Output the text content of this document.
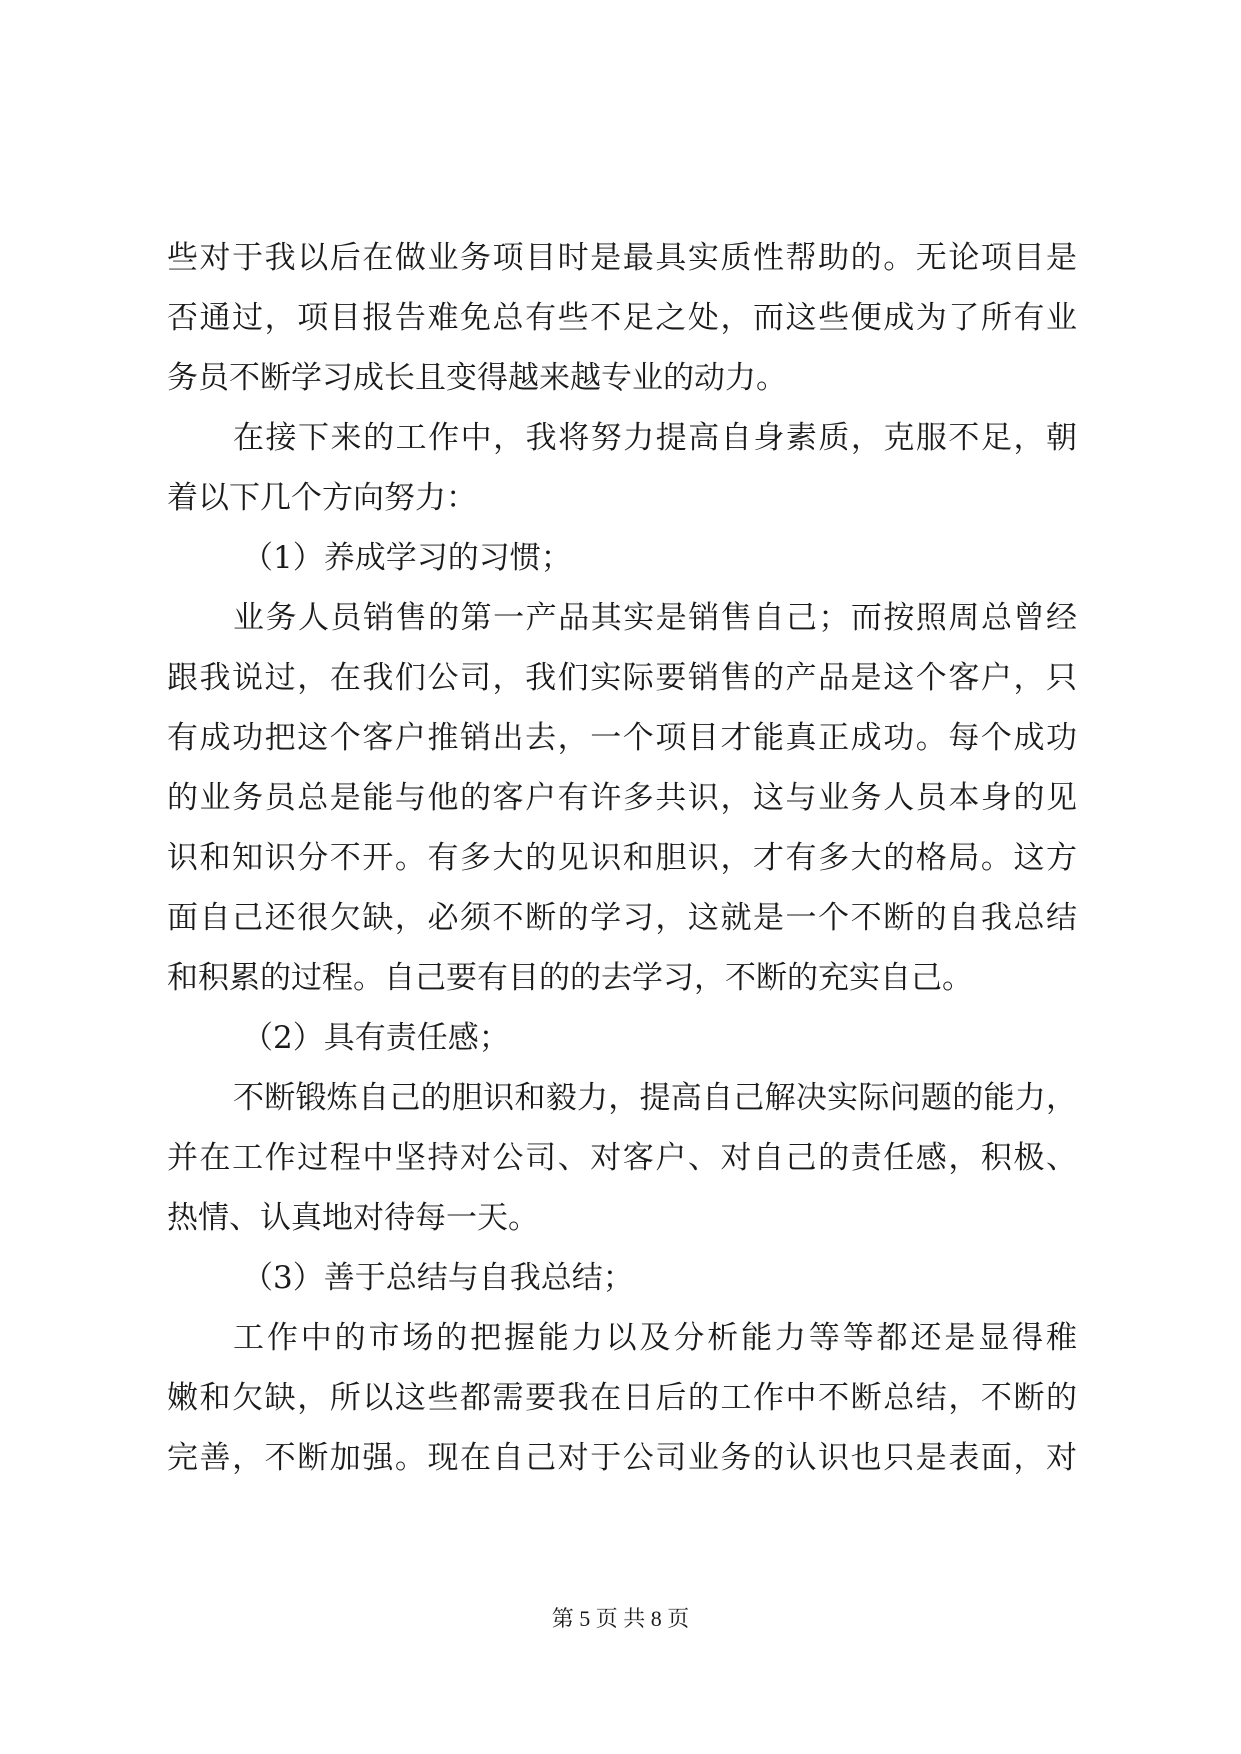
些对于我以后在做业务项目时是最具实质性帮助的。无论项目是
否通过，项目报告难免总有些不足之处，而这些便成为了所有业
务员不断学习成长且变得越来越专业的动力。
在接下来的工作中，我将努力提高自身素质，克服不足，朝
着以下几个方向努力：
（1）养成学习的习惯；
业务人员销售的第一产品其实是销售自己；而按照周总曾经
跟我说过，在我们公司，我们实际要销售的产品是这个客户，只
有成功把这个客户推销出去，一个项目才能真正成功。每个成功
的业务员总是能与他的客户有许多共识，这与业务人员本身的见
识和知识分不开。有多大的见识和胆识，才有多大的格局。这方
面自己还很欠缺，必须不断的学习，这就是一个不断的自我总结
和积累的过程。自己要有目的的去学习，不断的充实自己。
（2）具有责任感；
不断锻炼自己的胆识和毅力，提高自己解决实际问题的能力，
并在工作过程中坚持对公司、对客户、对自己的责任感，积极、
热情、认真地对待每一天。
（3）善于总结与自我总结；
工作中的市场的把握能力以及分析能力等等都还是显得稚
嫩和欠缺，所以这些都需要我在日后的工作中不断总结，不断的
完善，不断加强。现在自己对于公司业务的认识也只是表面，对
第 5 页 共 8 页
